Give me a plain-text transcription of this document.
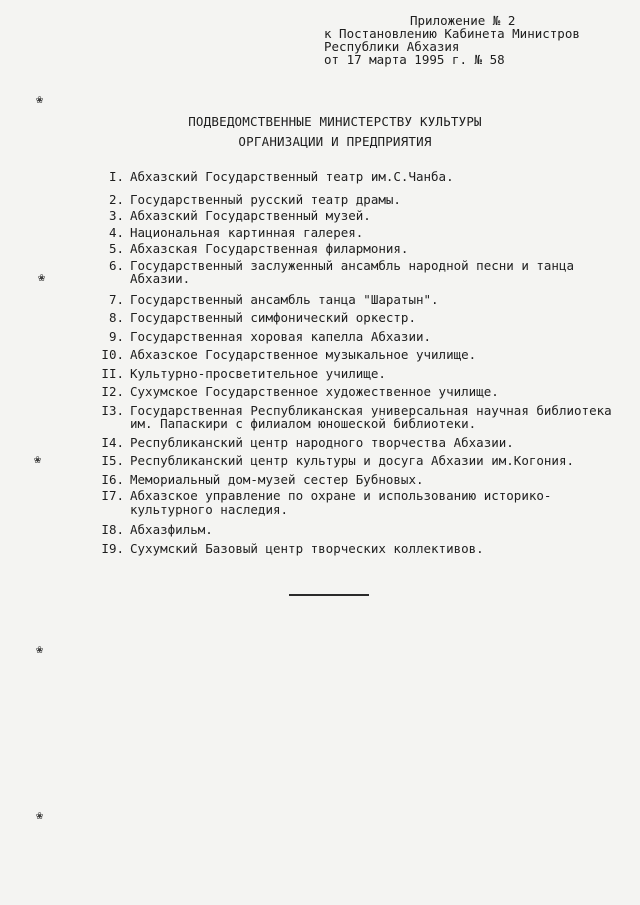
Приложение № 2
к Постановлению Кабинета Министров
Республики Абхазия
от 17 марта 1995 г. № 58
ПОДВЕДОМСТВЕННЫЕ МИНИСТЕРСТВУ КУЛЬТУРЫ
ОРГАНИЗАЦИИ И ПРЕДПРИЯТИЯ
I. Абхазский Государственный театр им.С.Чанба.
2. Государственный русский театр драмы.
3. Абхазский Государственный музей.
4. Национальная картинная галерея.
5. Абхазская Государственная филармония.
6. Государственный заслуженный ансамбль народной песни и танца Абхазии.
7. Государственный ансамбль танца "Шаратын".
8. Государственный симфонический оркестр.
9. Государственная хоровая капелла Абхазии.
I0. Абхазское Государственное музыкальное училище.
II. Культурно-просветительное училище.
I2. Сухумское Государственное художественное училище.
I3. Государственная Республиканская универсальная научная библиотека им. Папаскири с филиалом юношеской библиотеки.
I4. Республиканский центр народного творчества Абхазии.
I5. Республиканский центр культуры и досуга Абхазии им.Когония.
I6. Мемориальный дом-музей сестер Бубновых.
I7. Абхазское управление по охране и использованию историко-культурного наследия.
I8. Абхазфильм.
I9. Сухумский Базовый центр творческих коллективов.
❀
❀
❀
❀
❀
